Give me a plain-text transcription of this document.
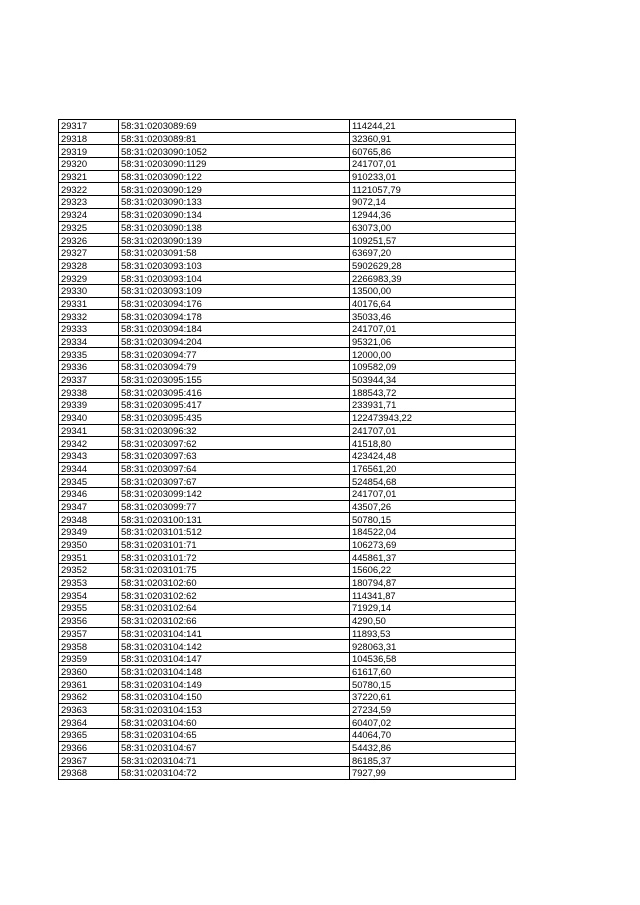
29317	58:31:0203089:69	114244,21
29318	58:31:0203089:81	32360,91
29319	58:31:0203090:1052	60765,86
29320	58:31:0203090:1129	241707,01
29321	58:31:0203090:122	910233,01
29322	58:31:0203090:129	1121057,79
29323	58:31:0203090:133	9072,14
29324	58:31:0203090:134	12944,36
29325	58:31:0203090:138	63073,00
29326	58:31:0203090:139	109251,57
29327	58:31:0203091:58	63697,20
29328	58:31:0203093:103	5902629,28
29329	58:31:0203093:104	2266983,39
29330	58:31:0203093:109	13500,00
29331	58:31:0203094:176	40176,64
29332	58:31:0203094:178	35033,46
29333	58:31:0203094:184	241707,01
29334	58:31:0203094:204	95321,06
29335	58:31:0203094:77	12000,00
29336	58:31:0203094:79	109582,09
29337	58:31:0203095:155	503944,34
29338	58:31:0203095:416	188543,72
29339	58:31:0203095:417	233931,71
29340	58:31:0203095:435	122473943,22
29341	58:31:0203096:32	241707,01
29342	58:31:0203097:62	41518,80
29343	58:31:0203097:63	423424,48
29344	58:31:0203097:64	176561,20
29345	58:31:0203097:67	524854,68
29346	58:31:0203099:142	241707,01
29347	58:31:0203099:77	43507,26
29348	58:31:0203100:131	50780,15
29349	58:31:0203101:512	184522,04
29350	58:31:0203101:71	106273,69
29351	58:31:0203101:72	445861,37
29352	58:31:0203101:75	15606,22
29353	58:31:0203102:60	180794,87
29354	58:31:0203102:62	114341,87
29355	58:31:0203102:64	71929,14
29356	58:31:0203102:66	4290,50
29357	58:31:0203104:141	11893,53
29358	58:31:0203104:142	928063,31
29359	58:31:0203104:147	104536,58
29360	58:31:0203104:148	61617,60
29361	58:31:0203104:149	50780,15
29362	58:31:0203104:150	37220,61
29363	58:31:0203104:153	27234,59
29364	58:31:0203104:60	60407,02
29365	58:31:0203104:65	44064,70
29366	58:31:0203104:67	54432,86
29367	58:31:0203104:71	86185,37
29368	58:31:0203104:72	7927,99
